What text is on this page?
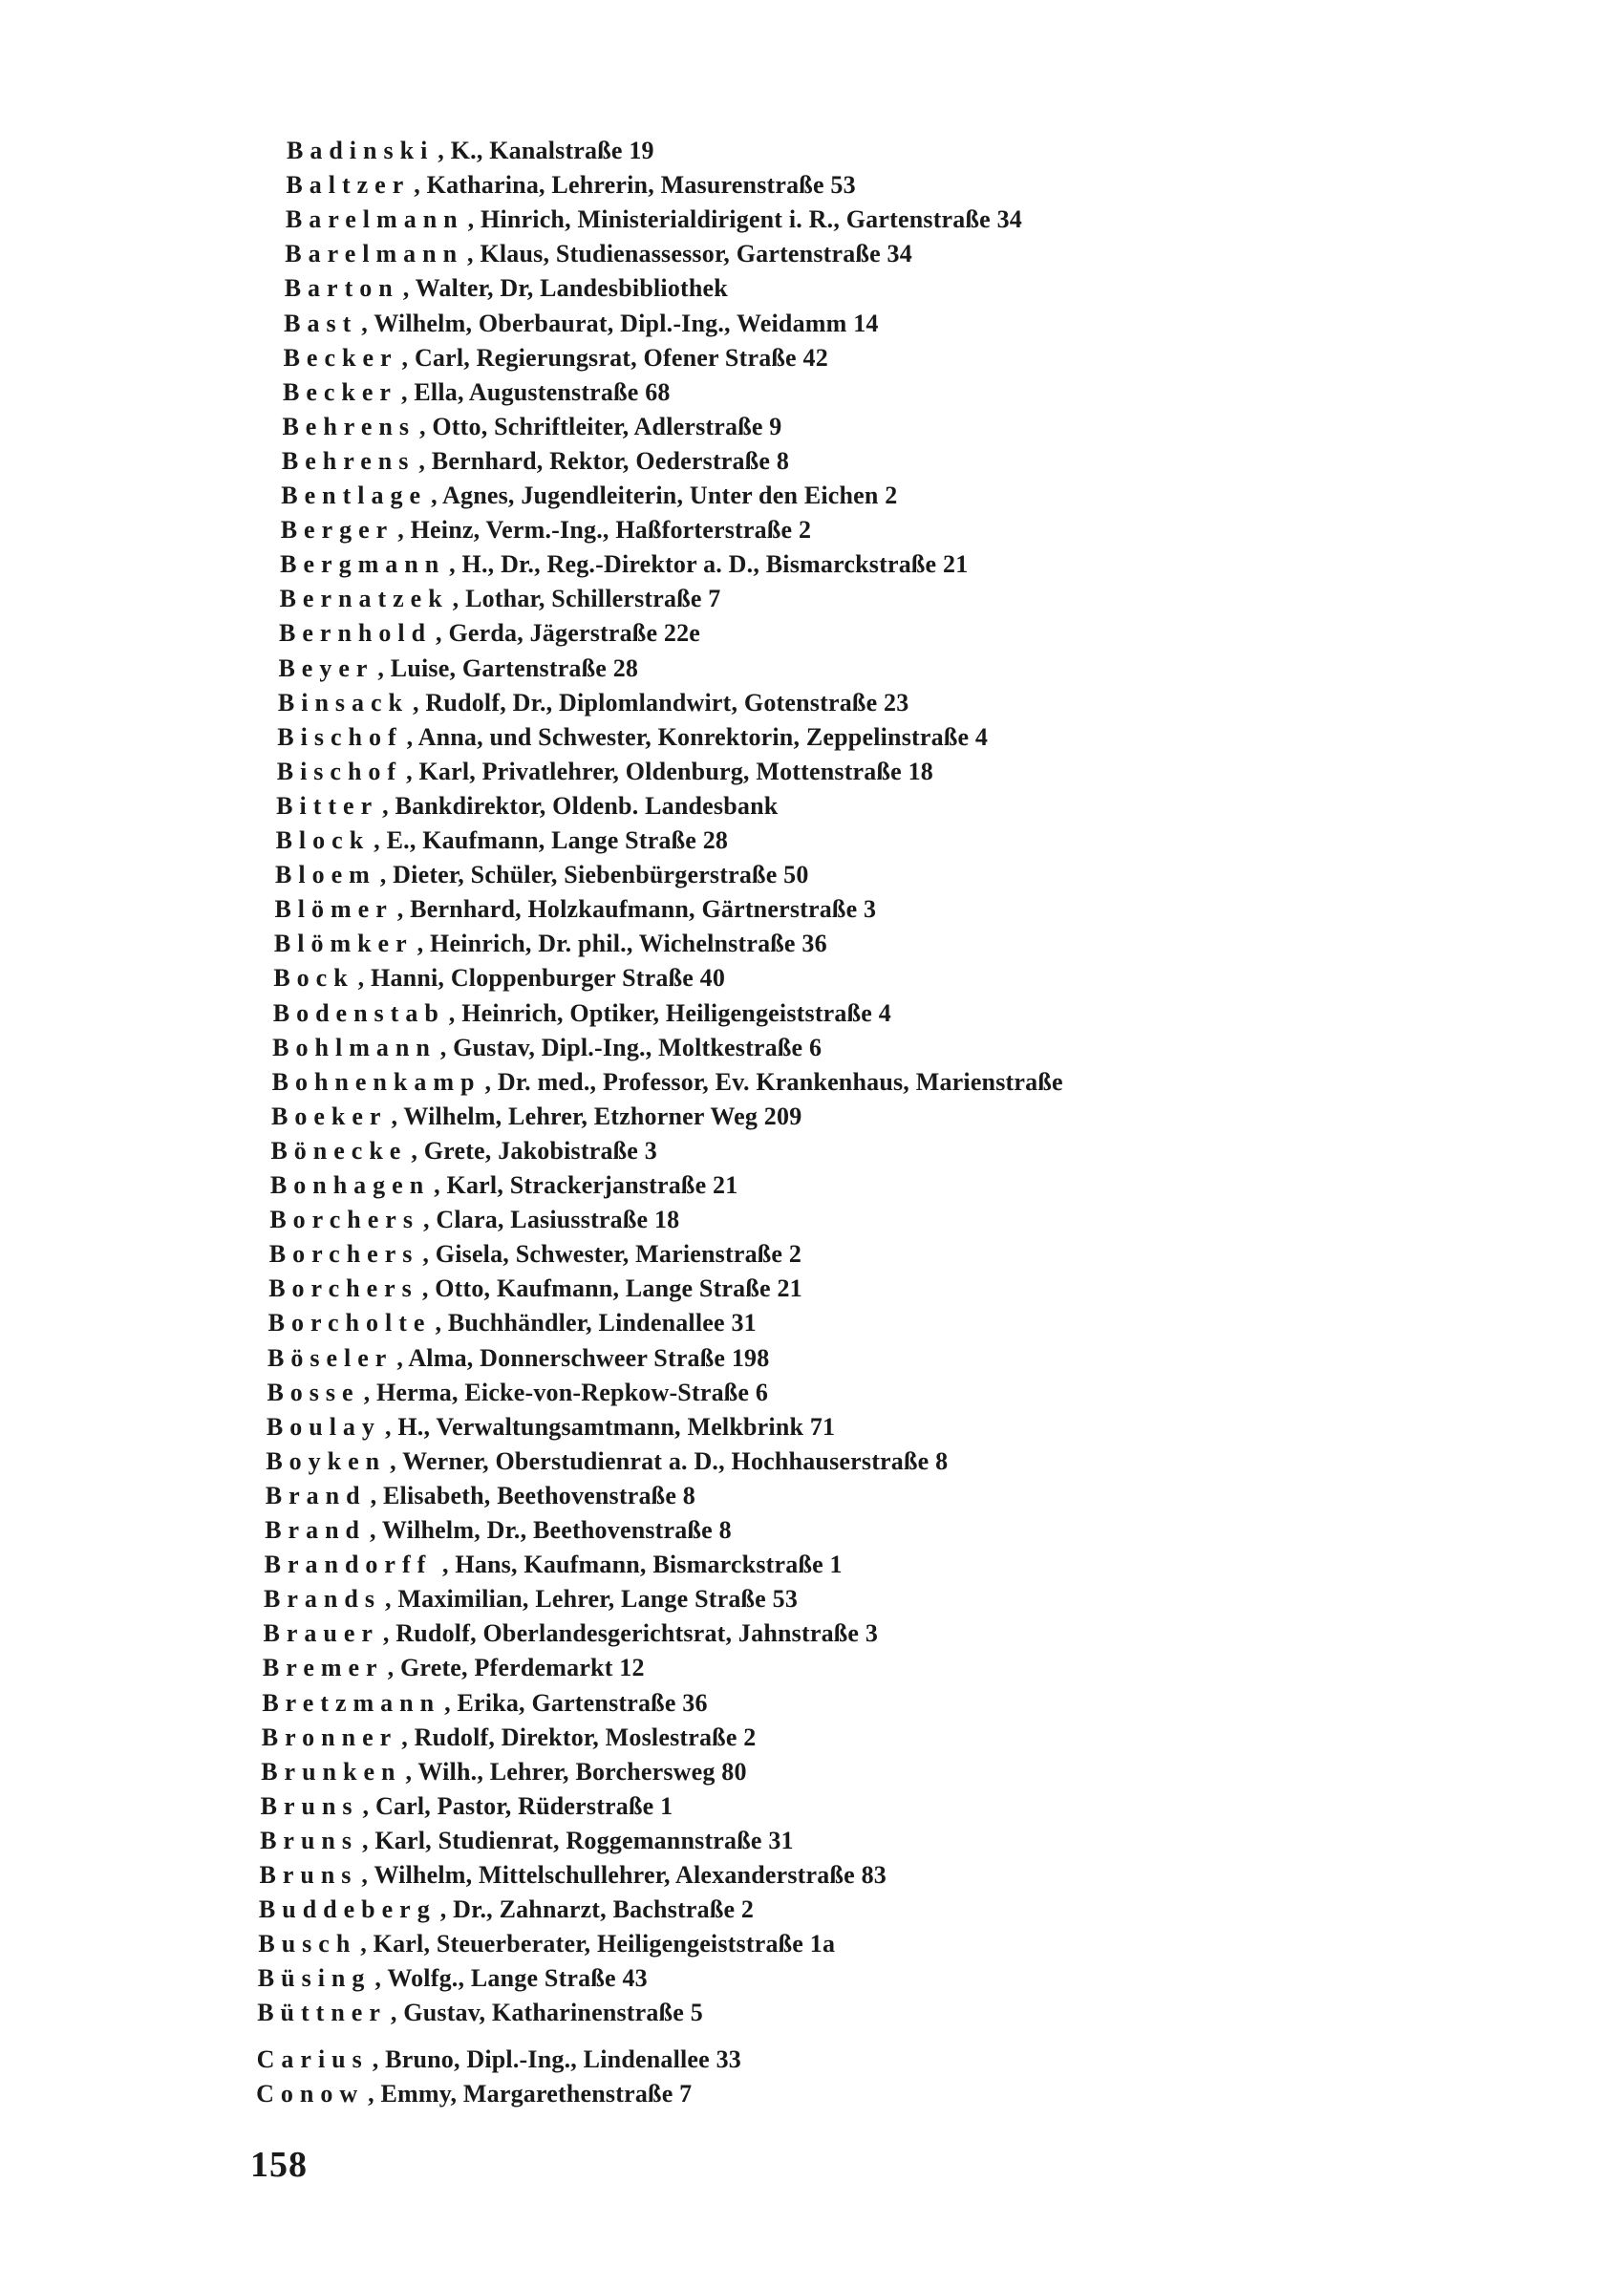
Badinski , K., Kanalstraße 19
Baltzer , Katharina, Lehrerin, Masurenstraße 53
Barelmann , Hinrich, Ministerialdirigent i. R., Gartenstraße 34
Barelmann , Klaus, Studienassessor, Gartenstraße 34
Barton , Walter, Dr, Landesbibliothek
Bast , Wilhelm, Oberbaurat, Dipl.-Ing., Weidamm 14
Becker , Carl, Regierungsrat, Ofener Straße 42
Becker , Ella, Augustenstraße 68
Behrens , Otto, Schriftleiter, Adlerstraße 9
Behrens , Bernhard, Rektor, Oederstraße 8
Bentlage , Agnes, Jugendleiterin, Unter den Eichen 2
Berger , Heinz, Verm.-Ing., Haßforterstraße 2
Bergmann , H., Dr., Reg.-Direktor a. D., Bismarckstraße 21
Bernatzek , Lothar, Schillerstraße 7
Bernhold , Gerda, Jägerstraße 22e
Beyer , Luise, Gartenstraße 28
Binsack , Rudolf, Dr., Diplomlandwirt, Gotenstraße 23
Bischof , Anna, und Schwester, Konrektorin, Zeppelinstraße 4
Bischof , Karl, Privatlehrer, Oldenburg, Mottenstraße 18
Bitter , Bankdirektor, Oldenb. Landesbank
Block , E., Kaufmann, Lange Straße 28
Bloem , Dieter, Schüler, Siebenbürgerstraße 50
Blömer , Bernhard, Holzkaufmann, Gärtnerstraße 3
Blömker , Heinrich, Dr. phil., Wichelnstraße 36
Bock , Hanni, Cloppenburger Straße 40
Bodenstab , Heinrich, Optiker, Heiligengeiststraße 4
Bohlmann , Gustav, Dipl.-Ing., Moltkestraße 6
Bohnenkamp , Dr. med., Professor, Ev. Krankenhaus, Marienstraße
Boeker , Wilhelm, Lehrer, Etzhorner Weg 209
Bönecke , Grete, Jakobistraße 3
Bonhagen , Karl, Strackerjanstraße 21
Borchers , Clara, Lasiusstraße 18
Borchers , Gisela, Schwester, Marienstraße 2
Borchers , Otto, Kaufmann, Lange Straße 21
Borcholte , Buchhändler, Lindenallee 31
Böseler , Alma, Donnerschweer Straße 198
Bosse , Herma, Eicke-von-Repkow-Straße 6
Boulay , H., Verwaltungsamtmann, Melkbrink 71
Boyken , Werner, Oberstudienrat a. D., Hochhauserstraße 8
Brand , Elisabeth, Beethovenstraße 8
Brand , Wilhelm, Dr., Beethovenstraße 8
Brandorff , Hans, Kaufmann, Bismarckstraße 1
Brands , Maximilian, Lehrer, Lange Straße 53
Brauer , Rudolf, Oberlandesgerichtsrat, Jahnstraße 3
Bremer , Grete, Pferdemarkt 12
Bretzmann , Erika, Gartenstraße 36
Bronner , Rudolf, Direktor, Moslestraße 2
Brunken , Wilh., Lehrer, Borchersweg 80
Bruns , Carl, Pastor, Rüderstraße 1
Bruns , Karl, Studienrat, Roggemannstraße 31
Bruns , Wilhelm, Mittelschullehrer, Alexanderstraße 83
Buddeberg , Dr., Zahnarzt, Bachstraße 2
Busch , Karl, Steuerberater, Heiligengeiststraße 1a
Büsing , Wolfg., Lange Straße 43
Büttner , Gustav, Katharinenstraße 5
Carius , Bruno, Dipl.-Ing., Lindenallee 33
Conow , Emmy, Margarethenstraße 7
158
